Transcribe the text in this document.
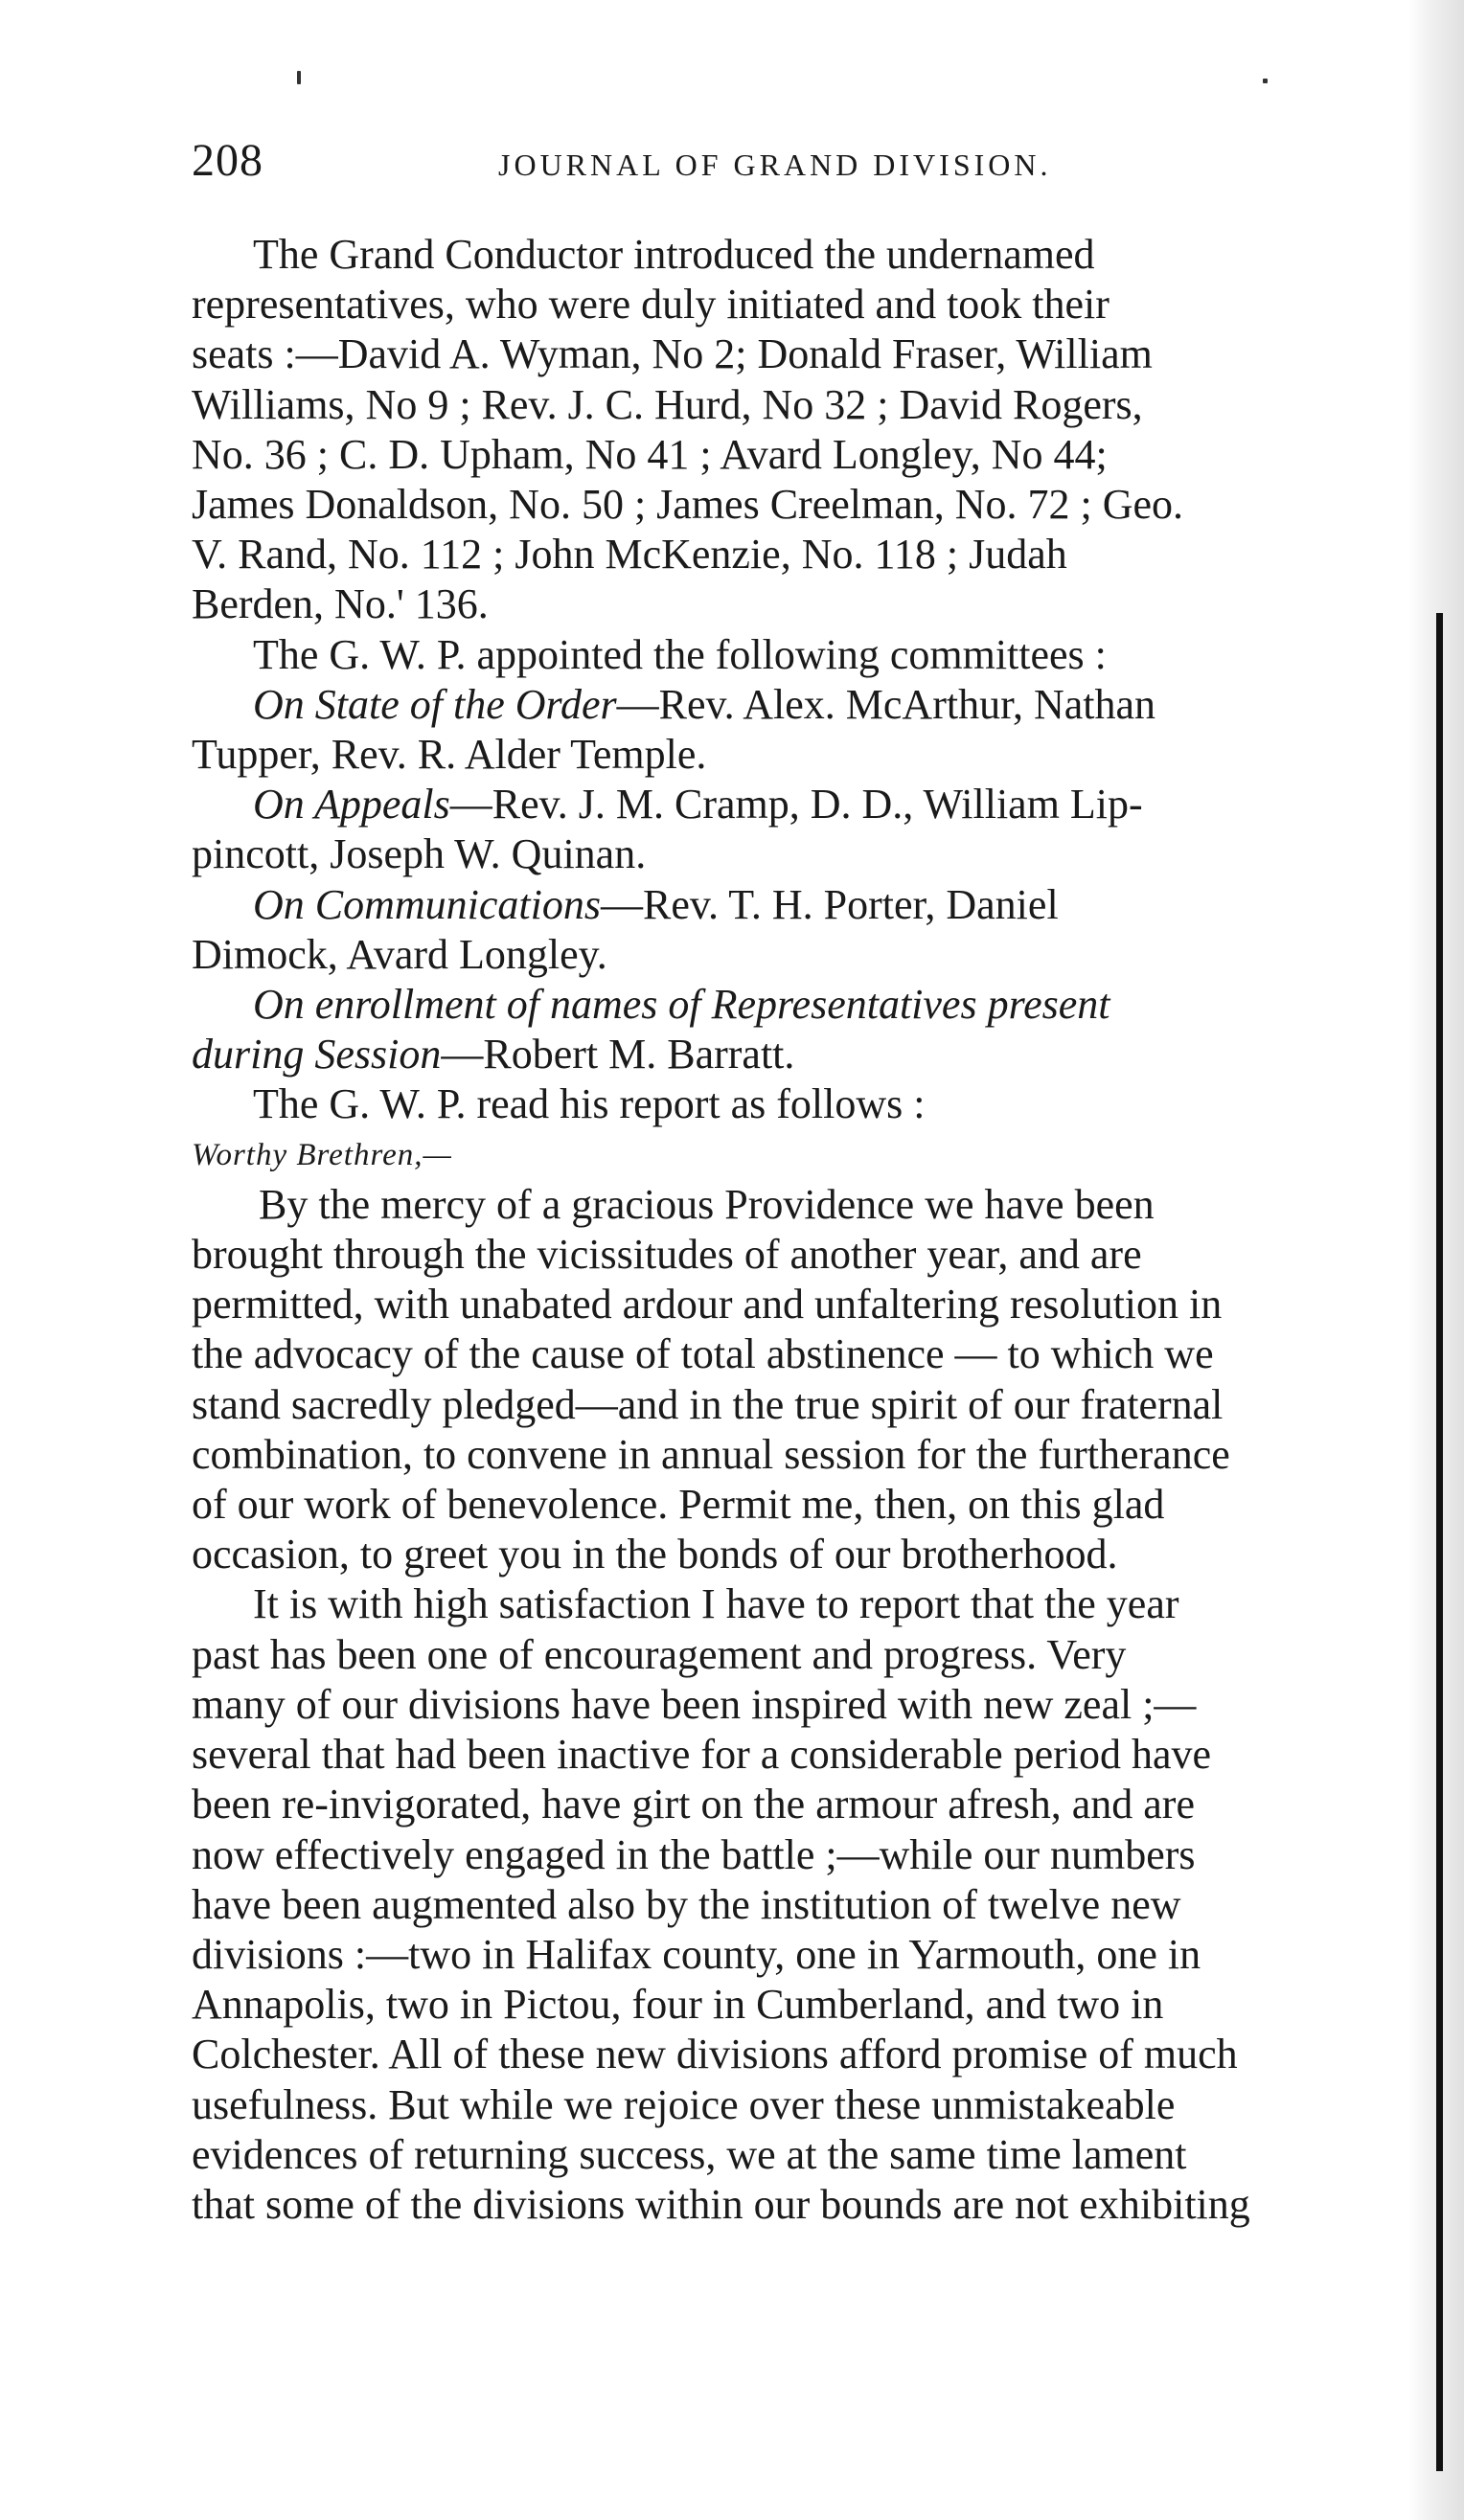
208	JOURNAL OF GRAND DIVISION.

The Grand Conductor introduced the undernamed

representatives, who were duly initiated and took their

seats :—David A. Wyman, No 2; Donald Fraser, William

Williams, No 9 ; Rev. J. C. Hurd, No 32 ; David Rogers,

No. 36 ; C. D. Upham, No 41 ; Avard Longley, No 44;

James Donaldson, No. 50 ; James Creelman, No. 72 ; Geo.

V. Rand, No. 112 ; John McKenzie, No. 118 ; Judah

Berden, No.' 136.

The G. W. P. appointed the following committees :

On State of the Order—Rev. Alex. McArthur, Nathan

Tupper, Rev. R. Alder Temple.

On Appeals—Rev. J. M. Cramp, D. D., William Lip-

pincott, Joseph W. Quinan.

On Communications—Rev. T. H. Porter, Daniel

Dimock, Avard Longley.

On enrollment of names of Representatives present

during Session—Robert M. Barratt.

The G. W. P. read his report as follows :

Worthy Brethren,—

By the mercy of a gracious Providence we have been

brought through the vicissitudes of another year, and are

permitted, with unabated ardour and unfaltering resolution in

the advocacy of the cause of total abstinence — to which we

stand sacredly pledged—and in the true spirit of our fraternal

combination, to convene in annual session for the furtherance

of our work of benevolence. Permit me, then, on this glad

occasion, to greet you in the bonds of our brotherhood.

It is with high satisfaction I have to report that the year

past has been one of encouragement and progress. Very

many of our divisions have been inspired with new zeal ;—

several that had been inactive for a considerable period have

been re-invigorated, have girt on the armour afresh, and are

now effectively engaged in the battle ;—while our numbers

have been augmented also by the institution of twelve new

divisions :—two in Halifax county, one in Yarmouth, one in

Annapolis, two in Pictou, four in Cumberland, and two in

Colchester. All of these new divisions afford promise of much

usefulness. But while we rejoice over these unmistakeable

evidences of returning success, we at the same time lament

that some of the divisions within our bounds are not exhibiting
